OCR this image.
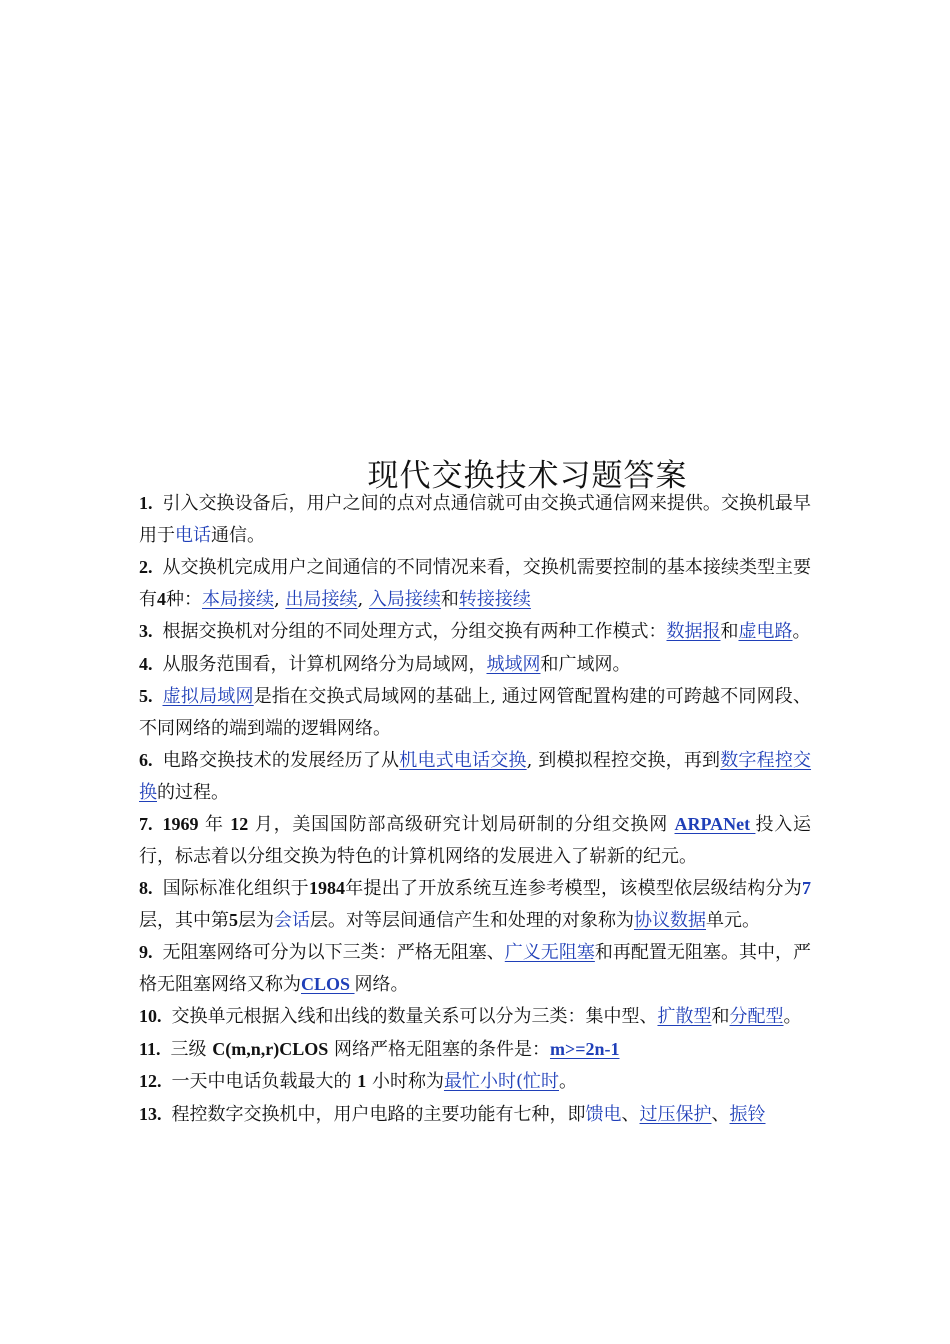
现代交换技术习题答案

1. 引入交换设备后，用户之间的点对点通信就可由交换式通信网来提供。交换机最早用于电话通信。

2. 从交换机完成用户之间通信的不同情况来看，交换机需要控制的基本接续类型主要有4种：本局接续, 出局接续, 入局接续和转接接续

3. 根据交换机对分组的不同处理方式，分组交换有两种工作模式：数据报和虚电路。

4. 从服务范围看，计算机网络分为局域网，城域网和广域网。

5. 虚拟局域网是指在交换式局域网的基础上, 通过网管配置构建的可跨越不同网段、不同网络的端到端的逻辑网络。

6. 电路交换技术的发展经历了从机电式电话交换, 到模拟程控交换，再到数字程控交换的过程。

7. 1969 年 12 月，美国国防部高级研究计划局研制的分组交换网 ARPANet 投入运行，标志着以分组交换为特色的计算机网络的发展进入了崭新的纪元。

8. 国际标准化组织于1984年提出了开放系统互连参考模型，该模型依层级结构分为7层，其中第5层为会话层。对等层间通信产生和处理的对象称为协议数据单元。

9. 无阻塞网络可分为以下三类：严格无阻塞、广义无阻塞和再配置无阻塞。其中，严格无阻塞网络又称为CLOS 网络。

10. 交换单元根据入线和出线的数量关系可以分为三类：集中型、扩散型和分配型。

11. 三级 C(m,n,r)CLOS 网络严格无阻塞的条件是：m>=2n-1

12. 一天中电话负载最大的 1 小时称为最忙小时(忙时。

13. 程控数字交换机中，用户电路的主要功能有七种，即馈电、过压保护、振铃
